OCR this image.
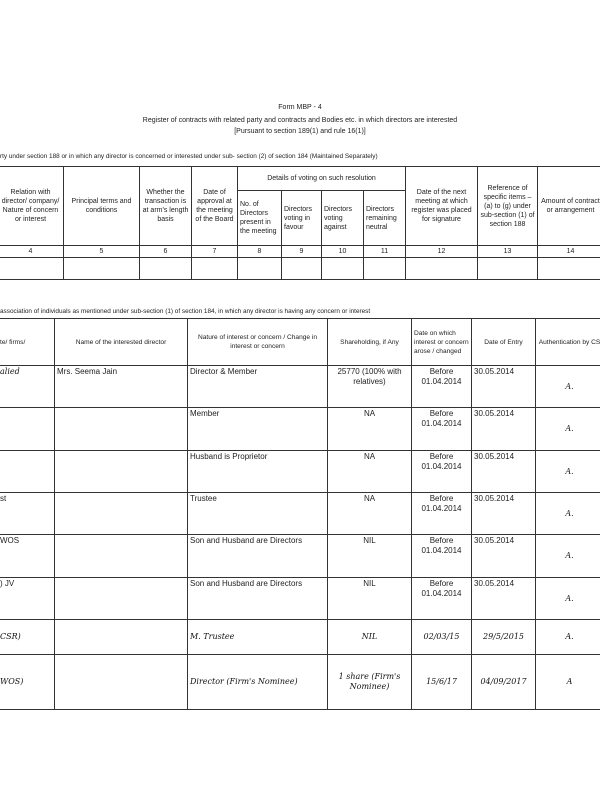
Form MBP - 4
Register of contracts with related party and contracts and Bodies etc. in which directors are interested
[Pursuant to section 189(1) and rule 16(1)]
rty under section 188 or in which any director is concerned or interested under sub- section (2) of section 184 (Maintained Separately)
Relation with director/ company/ Nature of concern or interest	Principal terms and conditions	Whether the transaction is at arm's length basis	Date of approval at the meeting of the Board	Details of voting on such resolution				Date of the next meeting at which register was placed for signature	Reference of specific items – (a) to (g) under sub-section (1) of section 188	Amount of contract or arrangement
				No. of Directors present in the meeting	Directors voting in favour	Directors voting against	Directors remaining neutral			
4	5	6	7	8	9	10	11	12	13	14

association of individuals as mentioned under sub-section (1) of section 184, in which any director is having any concern or interest
te/ firms/	Name of the interested director	Nature of interest or concern / Change in interest or concern	Shareholding, if Any	Date on which interest or concern arose / changed	Date of Entry	Authentication by CS
alied	Mrs. Seema Jain	Director & Member	25770 (100% with relatives)	Before 01.04.2014	30.05.2014	A.
		Member	NA	Before 01.04.2014	30.05.2014	A.
		Husband is Proprietor	NA	Before 01.04.2014	30.05.2014	A.
st		Trustee	NA	Before 01.04.2014	30.05.2014	A.
WOS		Son and Husband are Directors	NIL	Before 01.04.2014	30.05.2014	A.
) JV		Son and Husband are Directors	NIL	Before 01.04.2014	30.05.2014	A.
CSR)		M. Trustee	NIL	02/03/15	29/5/2015	A.
WOS)		Director (Firm's Nominee)	1 share (Firm's Nominee)	15/6/17	04/09/2017	A
